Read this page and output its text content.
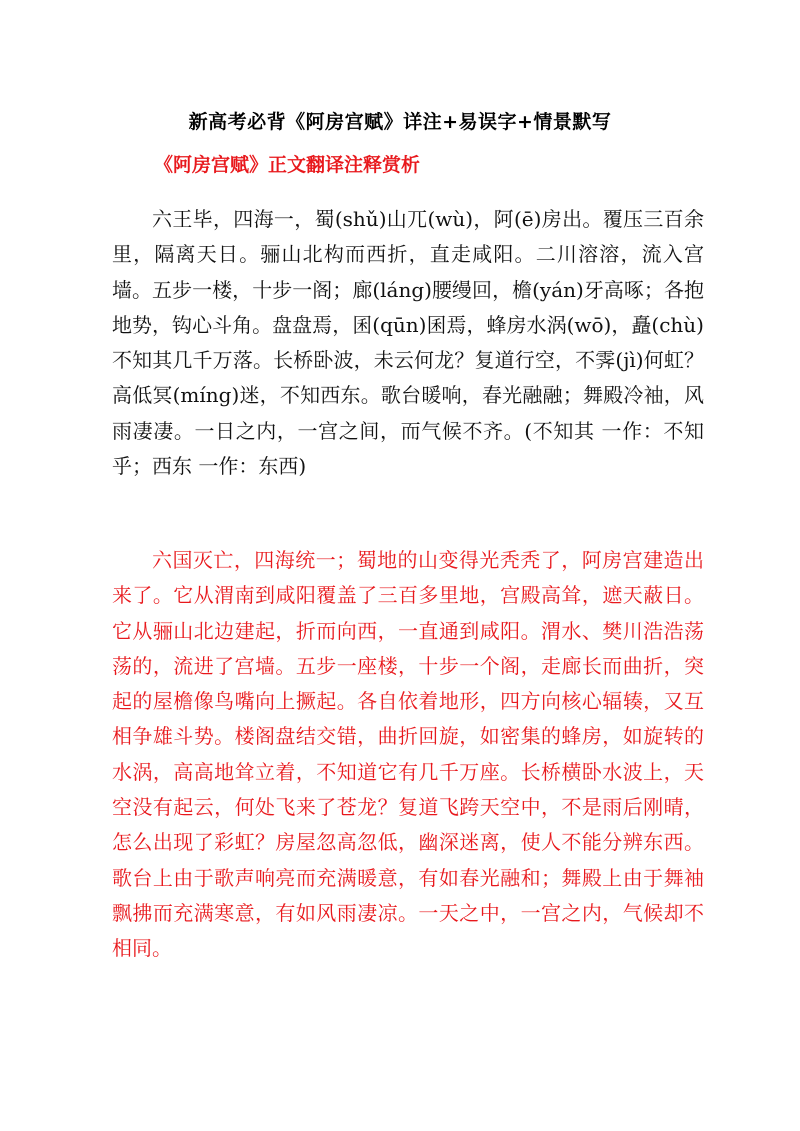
新高考必背《阿房宫赋》详注+易误字+情景默写
《阿房宫赋》正文翻译注释赏析

六王毕，四海一，蜀(shǔ)山兀(wù)，阿(ē)房出。覆压三百余里，隔离天日。骊山北构而西折，直走咸阳。二川溶溶，流入宫墙。五步一楼，十步一阁；廊(láng)腰缦回，檐(yán)牙高啄；各抱地势，钩心斗角。盘盘焉，囷(qūn)囷焉，蜂房水涡(wō)，矗(chù)不知其几千万落。长桥卧波，未云何龙？复道行空，不霁(jì)何虹？高低冥(míng)迷，不知西东。歌台暖响，春光融融；舞殿冷袖，风雨凄凄。一日之内，一宫之间，而气候不齐。(不知其 一作：不知乎；西东 一作：东西)

六国灭亡，四海统一；蜀地的山变得光秃秃了，阿房宫建造出来了。它从渭南到咸阳覆盖了三百多里地，宫殿高耸，遮天蔽日。它从骊山北边建起，折而向西，一直通到咸阳。渭水、樊川浩浩荡荡的，流进了宫墙。五步一座楼，十步一个阁，走廊长而曲折，突起的屋檐像鸟嘴向上撅起。各自依着地形，四方向核心辐辏，又互相争雄斗势。楼阁盘结交错，曲折回旋，如密集的蜂房，如旋转的水涡，高高地耸立着，不知道它有几千万座。长桥横卧水波上，天空没有起云，何处飞来了苍龙？复道飞跨天空中，不是雨后刚晴，怎么出现了彩虹？房屋忽高忽低，幽深迷离，使人不能分辨东西。歌台上由于歌声响亮而充满暖意，有如春光融和；舞殿上由于舞袖飘拂而充满寒意，有如风雨凄凉。一天之中，一宫之内，气候却不相同。
